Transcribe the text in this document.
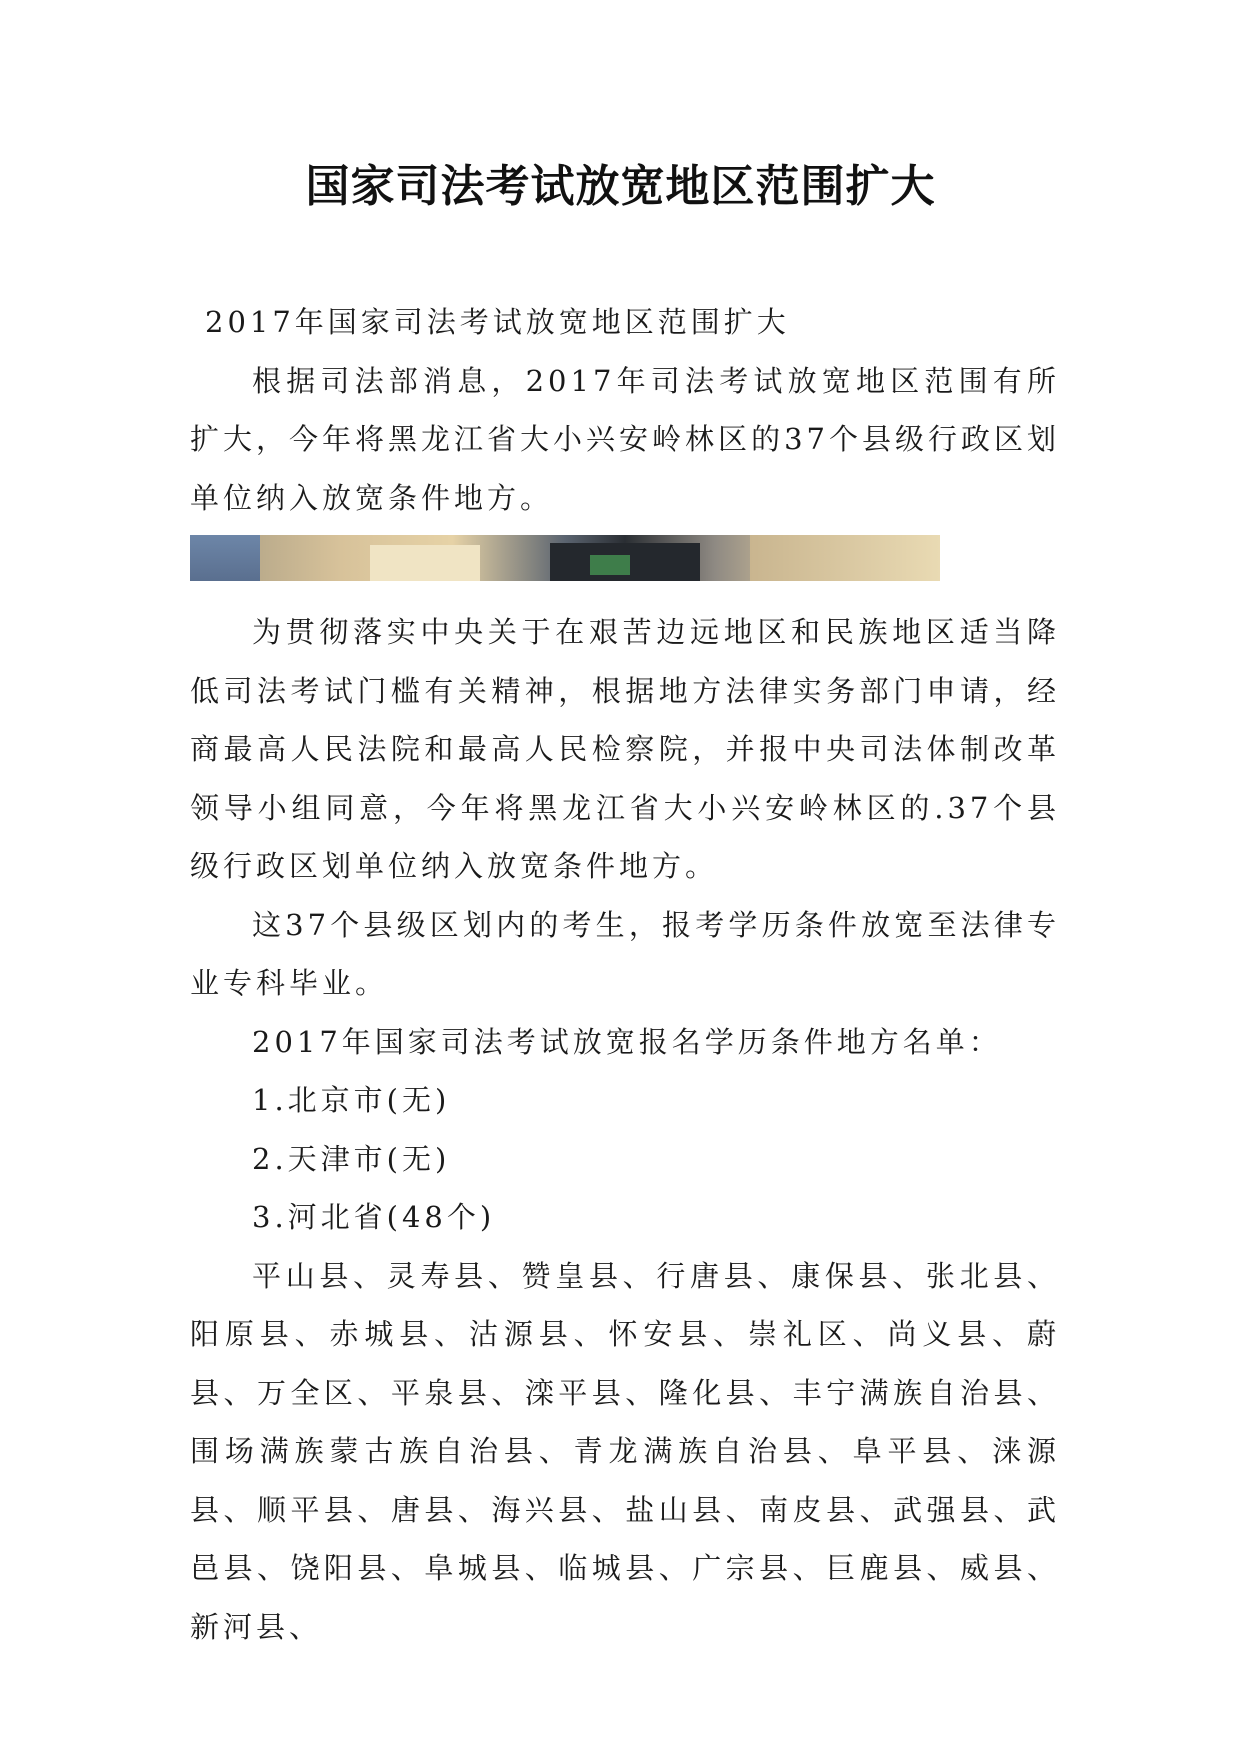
国家司法考试放宽地区范围扩大

2017年国家司法考试放宽地区范围扩大

根据司法部消息，2017年司法考试放宽地区范围有所扩大，今年将黑龙江省大小兴安岭林区的37个县级行政区划单位纳入放宽条件地方。

为贯彻落实中央关于在艰苦边远地区和民族地区适当降低司法考试门槛有关精神，根据地方法律实务部门申请，经商最高人民法院和最高人民检察院，并报中央司法体制改革领导小组同意，今年将黑龙江省大小兴安岭林区的.37个县级行政区划单位纳入放宽条件地方。

这37个县级区划内的考生，报考学历条件放宽至法律专业专科毕业。

2017年国家司法考试放宽报名学历条件地方名单：

1.北京市(无)

2.天津市(无)

3.河北省(48个)

平山县、灵寿县、赞皇县、行唐县、康保县、张北县、阳原县、赤城县、沽源县、怀安县、崇礼区、尚义县、蔚县、万全区、平泉县、滦平县、隆化县、丰宁满族自治县、围场满族蒙古族自治县、青龙满族自治县、阜平县、涞源县、顺平县、唐县、海兴县、盐山县、南皮县、武强县、武邑县、饶阳县、阜城县、临城县、广宗县、巨鹿县、威县、新河县、
